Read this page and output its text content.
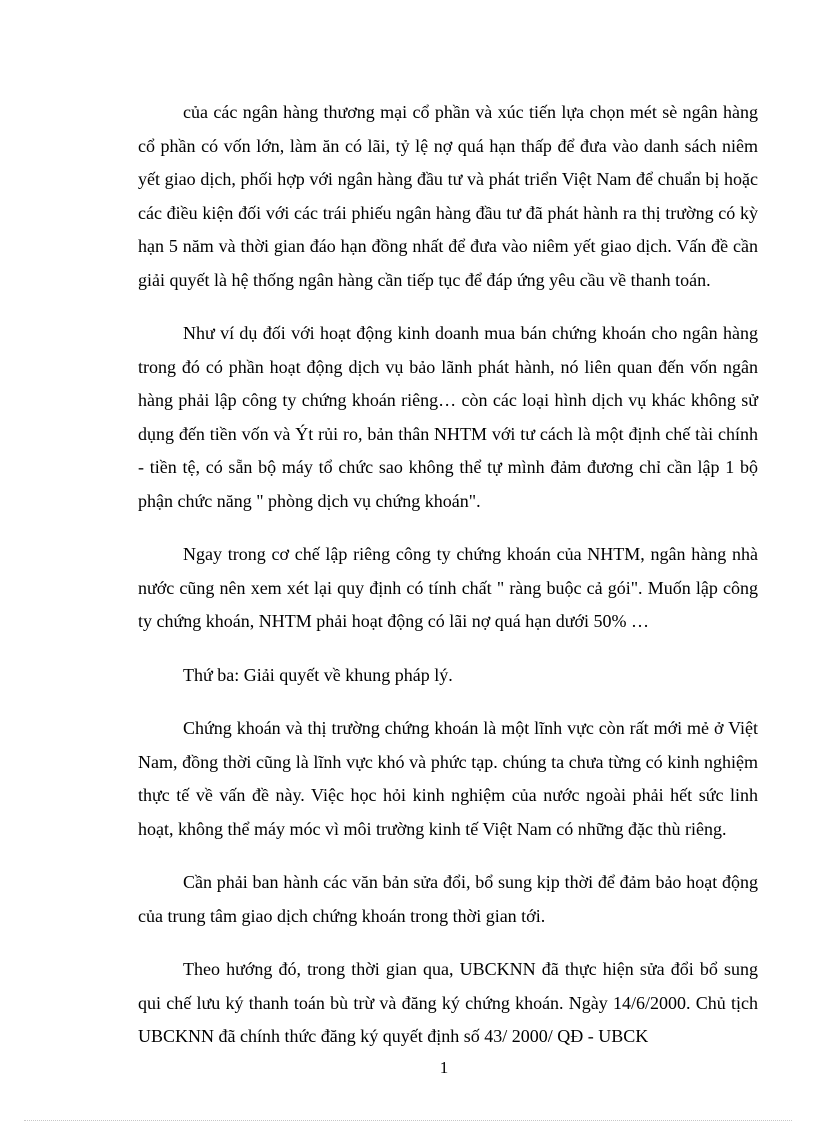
của các ngân hàng thương mại cổ phần và xúc tiến lựa chọn mét sè ngân hàng cổ phần có vốn lớn, làm ăn có lãi, tỷ lệ nợ quá hạn thấp để đưa vào danh sách niêm yết giao dịch, phối hợp với ngân hàng đầu tư và phát triển Việt Nam để chuẩn bị hoặc các điều kiện đối với các trái phiếu ngân hàng đầu tư đã phát hành ra thị trường có kỳ hạn 5 năm và thời gian đáo hạn đồng nhất để đưa vào niêm yết giao dịch. Vấn đề cần giải quyết là hệ thống ngân hàng cần tiếp tục để đáp ứng yêu cầu về thanh toán.

Như ví dụ đối với hoạt động kinh doanh mua bán chứng khoán cho ngân hàng trong đó có phần hoạt động dịch vụ bảo lãnh phát hành, nó liên quan đến vốn ngân hàng phải lập công ty chứng khoán riêng… còn các loại hình dịch vụ khác không sử dụng đến tiền vốn và Ýt rủi ro, bản thân NHTM với tư cách là một định chế tài chính - tiền tệ, có sẵn bộ máy tổ chức sao không thể tự mình đảm đương chỉ cần lập 1 bộ phận chức năng " phòng dịch vụ chứng khoán".

Ngay trong cơ chế lập riêng công ty chứng khoán của NHTM, ngân hàng nhà nước cũng nên xem xét lại quy định có tính chất " ràng buộc cả gói". Muốn lập công ty chứng khoán, NHTM phải hoạt động có lãi nợ quá hạn dưới 50% …

Thứ ba: Giải quyết về khung pháp lý.

Chứng khoán và thị trường chứng khoán là một lĩnh vực còn rất mới mẻ ở Việt Nam, đồng thời cũng là lĩnh vực khó và phức tạp. chúng ta chưa từng có kinh nghiệm thực tế về vấn đề này. Việc học hỏi kinh nghiệm của nước ngoài phải hết sức linh hoạt, không thể máy móc vì môi trường kinh tế Việt Nam có những đặc thù riêng.

Cần phải ban hành các văn bản sửa đổi, bổ sung kịp thời để đảm bảo hoạt động của trung tâm giao dịch chứng khoán trong thời gian tới.

Theo hướng đó, trong thời gian qua, UBCKNN đã thực hiện sửa đổi bổ sung qui chế lưu ký thanh toán bù trừ và đăng ký chứng khoán. Ngày 14/6/2000. Chủ tịch UBCKNN đã chính thức đăng ký quyết định số 43/ 2000/ QĐ - UBCK

1
